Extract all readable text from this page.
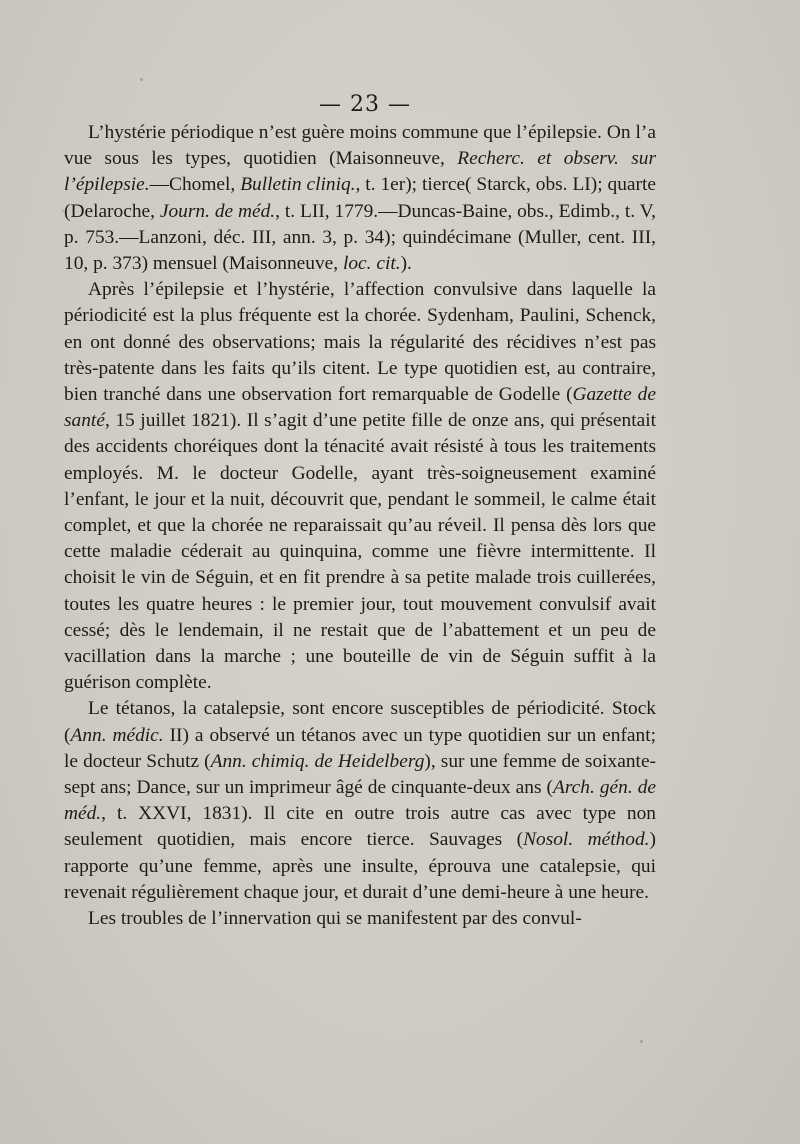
— 23 —

L’hystérie périodique n’est guère moins commune que l’épilepsie. On l’a vue sous les types, quotidien (Maisonneuve, Recherc. et observ. sur l’épilepsie.—Chomel, Bulletin cliniq., t. 1er); tierce( Starck, obs. LI); quarte (Delaroche, Journ. de méd., t. LII, 1779.—Duncas-Baine, obs., Edimb., t. V, p. 753.—Lanzoni, déc. III, ann. 3, p. 34); quindécimane (Muller, cent. III, 10, p. 373) mensuel (Maisonneuve, loc. cit.).

Après l’épilepsie et l’hystérie, l’affection convulsive dans laquelle la périodicité est la plus fréquente est la chorée. Sydenham, Paulini, Schenck, en ont donné des observations; mais la régularité des récidives n’est pas très-patente dans les faits qu’ils citent. Le type quotidien est, au contraire, bien tranché dans une observation fort remarquable de Godelle (Gazette de santé, 15 juillet 1821). Il s’agit d’une petite fille de onze ans, qui présentait des accidents choréiques dont la ténacité avait résisté à tous les traitements employés. M. le docteur Godelle, ayant très-soigneusement examiné l’enfant, le jour et la nuit, découvrit que, pendant le sommeil, le calme était complet, et que la chorée ne reparaissait qu’au réveil. Il pensa dès lors que cette maladie céderait au quinquina, comme une fièvre intermittente. Il choisit le vin de Séguin, et en fit prendre à sa petite malade trois cuillerées, toutes les quatre heures : le premier jour, tout mouvement convulsif avait cessé; dès le lendemain, il ne restait que de l’abattement et un peu de vacillation dans la marche ; une bouteille de vin de Séguin suffit à la guérison complète.

Le tétanos, la catalepsie, sont encore susceptibles de périodicité. Stock (Ann. médic. II) a observé un tétanos avec un type quotidien sur un enfant; le docteur Schutz (Ann. chimiq. de Heidelberg), sur une femme de soixante-sept ans; Dance, sur un imprimeur âgé de cinquante-deux ans (Arch. gén. de méd., t. XXVI, 1831). Il cite en outre trois autre cas avec type non seulement quotidien, mais encore tierce. Sauvages (Nosol. méthod.) rapporte qu’une femme, après une insulte, éprouva une catalepsie, qui revenait régulièrement chaque jour, et durait d’une demi-heure à une heure.

Les troubles de l’innervation qui se manifestent par des convul-
